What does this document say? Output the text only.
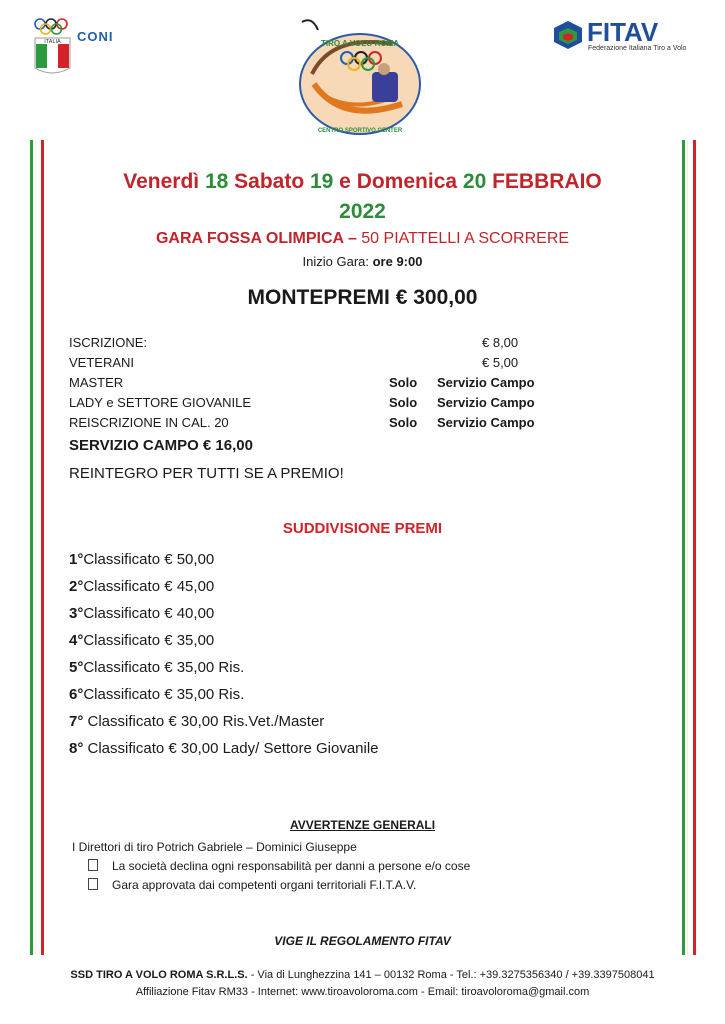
ITALIA CONI	TIRO A VOLO ROMA
CENTRO SPORTIVO CENTER
FITAV
Federazione Italiana Tiro a Volo
Venerdì 18 Sabato 19 e Domenica 20 FEBBRAIO
2022
GARA FOSSA OLIMPICA – 50 PIATTELLI A SCORRERE
Inizio Gara: ore 9:00
MONTEPREMI € 300,00
ISCRIZIONE:	€ 8,00
VETERANI	€ 5,00
MASTER	Solo Servizio Campo
LADY e SETTORE GIOVANILE	Solo Servizio Campo
REISCRIZIONE IN CAL. 20	Solo Servizio Campo
SERVIZIO CAMPO € 16,00
REINTEGRO PER TUTTI SE A PREMIO!
SUDDIVISIONE PREMI
1°Classificato € 50,00
2°Classificato € 45,00
3°Classificato € 40,00
4°Classificato € 35,00
5°Classificato € 35,00 Ris.
6°Classificato € 35,00 Ris.
7° Classificato € 30,00 Ris.Vet./Master
8° Classificato € 30,00 Lady/ Settore Giovanile
AVVERTENZE GENERALI
I Direttori di tiro Potrich Gabriele – Dominici Giuseppe
La società declina ogni responsabilità per danni a persone e/o cose
Gara approvata dai competenti organi territoriali F.I.T.A.V.
VIGE IL REGOLAMENTO FITAV
SSD TIRO A VOLO ROMA S.R.L.S. - Via di Lunghezzina 141 – 00132 Roma - Tel.: +39.3275356340 / +39.3397508041
Affiliazione Fitav RM33 - Internet: www.tiroavoloroma.com - Email: tiroavoloroma@gmail.com
